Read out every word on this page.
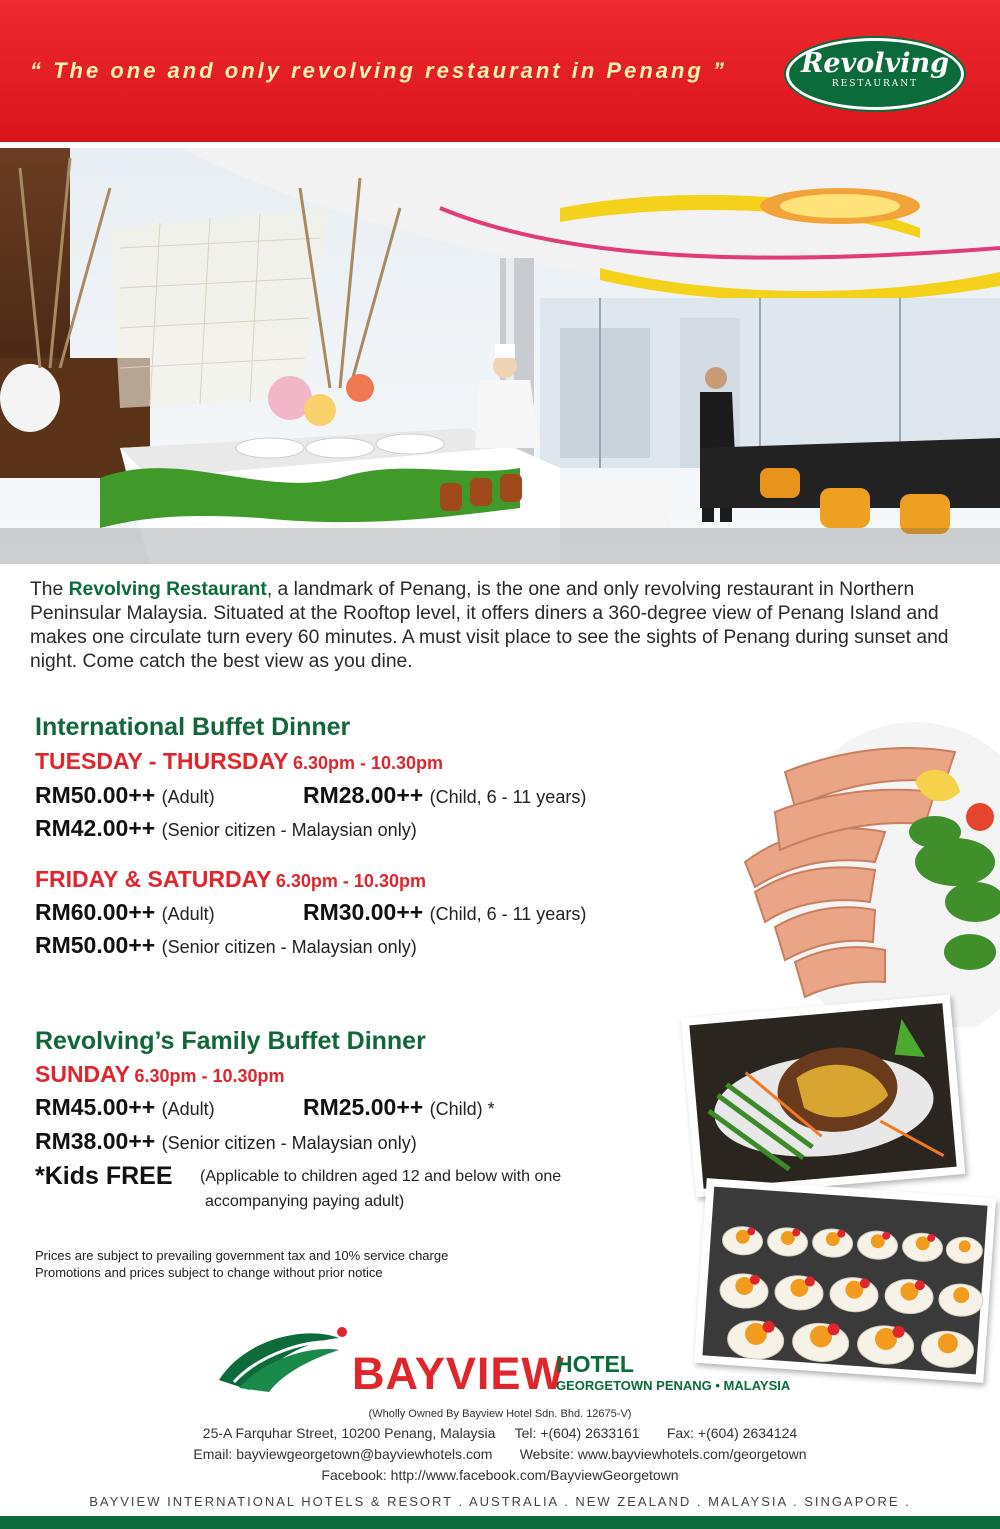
“ The one and only revolving restaurant in Penang ”	Revolving
RESTAURANT
The Revolving Restaurant, a landmark of Penang, is the one and only revolving restaurant in Northern Peninsular Malaysia. Situated at the Rooftop level, it offers diners a 360-degree view of Penang Island and makes one circulate turn every 60 minutes. A must visit place to see the sights of Penang during sunset and night. Come catch the best view as you dine.
International Buffet Dinner
TUESDAY - THURSDAY 6.30pm - 10.30pm
RM50.00++ (Adult)	RM28.00++ (Child, 6 - 11 years)
RM42.00++ (Senior citizen - Malaysian only)
FRIDAY & SATURDAY 6.30pm - 10.30pm
RM60.00++ (Adult)	RM30.00++ (Child, 6 - 11 years)
RM50.00++ (Senior citizen - Malaysian only)
Revolving’s Family Buffet Dinner
SUNDAY 6.30pm - 10.30pm
RM45.00++ (Adult)	RM25.00++ (Child) *
RM38.00++ (Senior citizen - Malaysian only)
*Kids FREE (Applicable to children aged 12 and below with one
accompanying paying adult)
Prices are subject to prevailing government tax and 10% service charge
Promotions and prices subject to change without prior notice
BAYVIEW
HOTEL
GEORGETOWN PENANG • MALAYSIA
(Wholly Owned By Bayview Hotel Sdn. Bhd. 12675-V)
25-A Farquhar Street, 10200 Penang, Malaysia Tel: +(604) 2633161 Fax: +(604) 2634124
Email: bayviewgeorgetown@bayviewhotels.com Website: www.bayviewhotels.com/georgetown
Facebook: http://www.facebook.com/BayviewGeorgetown
BAYVIEW INTERNATIONAL HOTELS & RESORT . AUSTRALIA . NEW ZEALAND . MALAYSIA . SINGAPORE .
